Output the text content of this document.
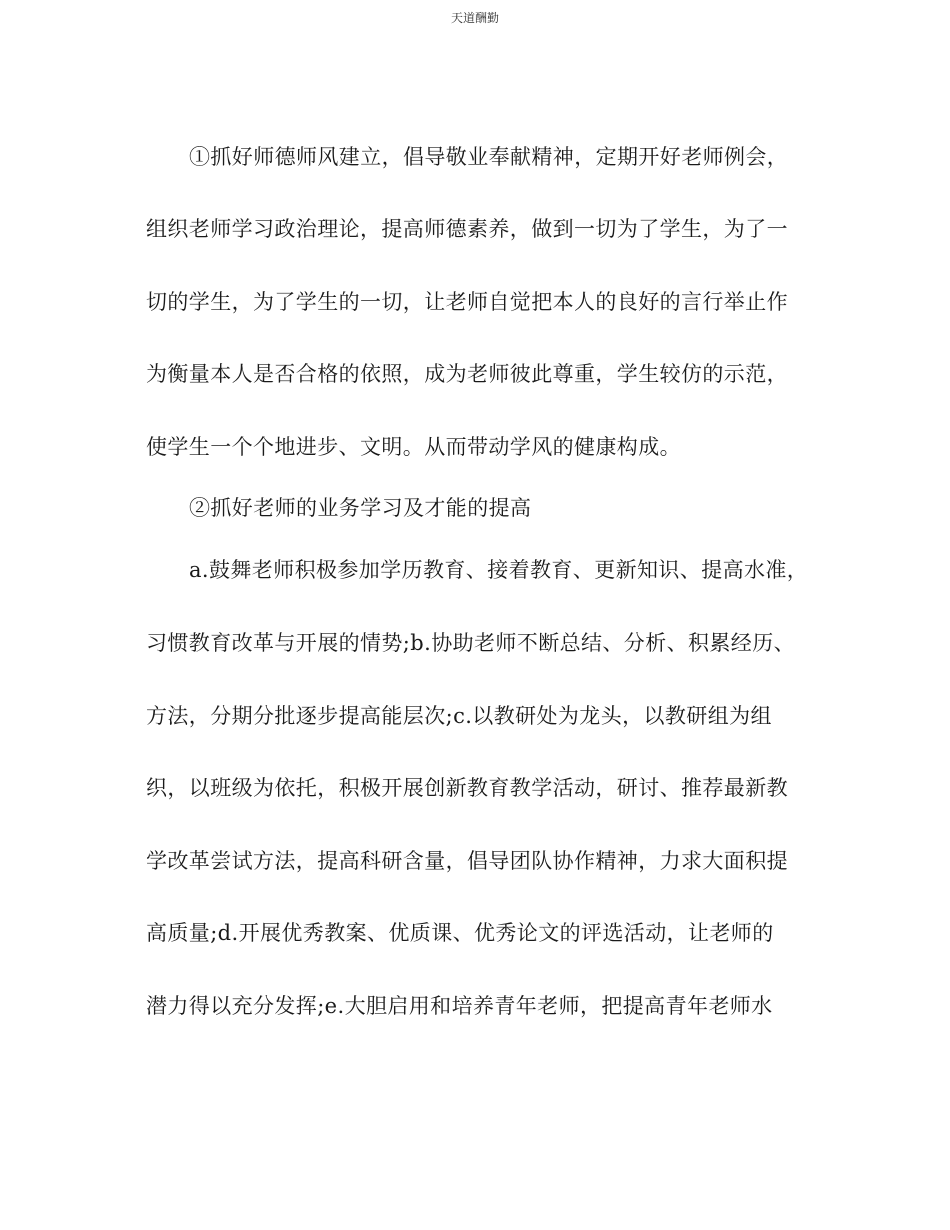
天道酬勤
①抓好师德师风建立，倡导敬业奉献精神，定期开好老师例会，
组织老师学习政治理论，提高师德素养，做到一切为了学生，为了一
切的学生，为了学生的一切，让老师自觉把本人的良好的言行举止作
为衡量本人是否合格的依照，成为老师彼此尊重，学生较仿的示范，
使学生一个个地进步、文明。从而带动学风的健康构成。
②抓好老师的业务学习及才能的提高
a.鼓舞老师积极参加学历教育、接着教育、更新知识、提高水准，
习惯教育改革与开展的情势;b.协助老师不断总结、分析、积累经历、
方法，分期分批逐步提高能层次;c.以教研处为龙头，以教研组为组
织，以班级为依托，积极开展创新教育教学活动，研讨、推荐最新教
学改革尝试方法，提高科研含量，倡导团队协作精神，力求大面积提
高质量;d.开展优秀教案、优质课、优秀论文的评选活动，让老师的
潜力得以充分发挥;e.大胆启用和培养青年老师，把提高青年老师水
